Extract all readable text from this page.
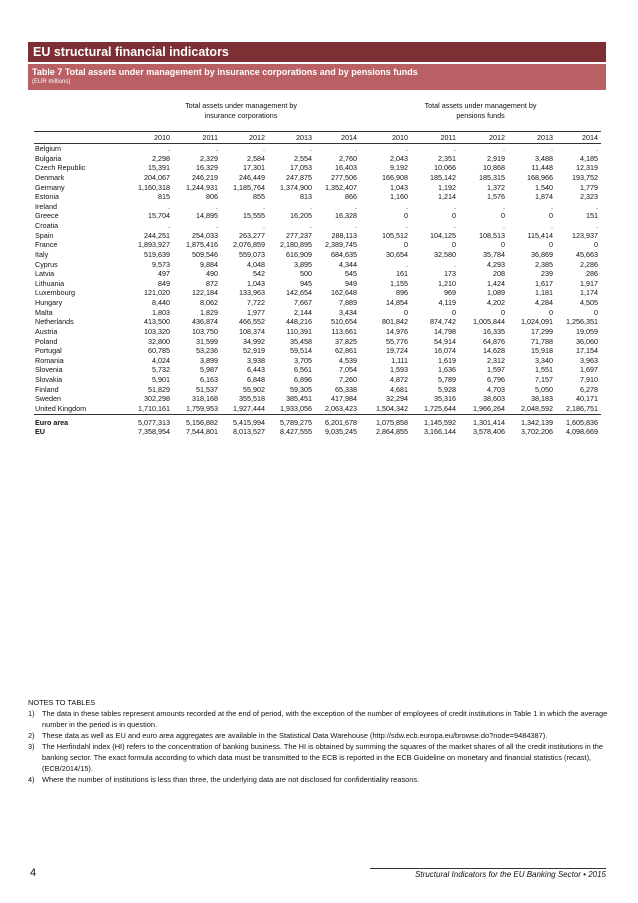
EU structural financial indicators
Table 7 Total assets under management by insurance corporations and by pensions funds
(EUR millions)
	Total assets under management by insurance corporations					Total assets under management by pensions funds				
	2010	2011	2012	2013	2014	2010	2011	2012	2013	2014
Belgium	.	.	.	.	.	.	.	.	.	.
Bulgaria	2,298	2,329	2,584	2,554	2,760	2,043	2,351	2,919	3,488	4,185
Czech Republic	15,391	16,329	17,301	17,053	16,403	9,192	10,066	10,868	11,448	12,319
Denmark	204,067	246,219	246,449	247,875	277,506	166,908	185,142	185,315	168,966	193,752
Germany	1,160,318	1,244,931	1,185,764	1,374,900	1,352,407	1,043	1,192	1,372	1,540	1,779
Estonia	815	806	855	813	866	1,160	1,214	1,576	1,874	2,323
Ireland	.	.	.	.	.	.	.	.	.	.
Greece	15,704	14,895	15,555	16,205	16,328	0	0	0	0	151
Croatia	.	.	.	.	.	.	.	.	.	.
Spain	244,251	254,033	263,277	277,237	288,113	105,512	104,125	108,513	115,414	123,937
France	1,893,927	1,875,416	2,076,859	2,180,895	2,389,745	0	0	0	0	0
Italy	519,639	509,546	559,073	616,909	684,635	30,654	32,580	35,784	36,869	45,663
Cyprus	9,573	9,884	4,048	3,895	4,344	.	.	4,293	2,385	2,286
Latvia	497	490	542	500	545	161	173	208	239	286
Lithuania	849	872	1,043	945	949	1,155	1,210	1,424	1,617	1,917
Luxembourg	121,020	122,184	133,963	142,654	162,648	896	969	1,089	1,181	1,174
Hungary	8,440	8,062	7,722	7,667	7,889	14,854	4,119	4,202	4,284	4,505
Malta	1,803	1,829	1,977	2,144	3,434	0	0	0	0	0
Netherlands	413,500	436,874	466,552	448,216	510,654	801,842	874,742	1,005,844	1,024,091	1,256,351
Austria	103,320	103,750	108,374	110,391	113,661	14,976	14,798	16,335	17,299	19,059
Poland	32,800	31,599	34,992	35,458	37,825	55,776	54,914	64,876	71,788	36,060
Portugal	60,785	53,236	52,919	59,514	62,861	19,724	16,074	14,628	15,918	17,154
Romania	4,024	3,899	3,938	3,705	4,539	1,111	1,619	2,312	3,340	3,963
Slovenia	5,732	5,987	6,443	6,561	7,054	1,593	1,636	1,597	1,551	1,697
Slovakia	5,901	6,163	6,848	6,896	7,260	4,872	5,789	6,796	7,157	7,910
Finland	51,829	51,537	55,902	59,305	65,338	4,681	5,928	4,703	5,050	6,278
Sweden	302,298	318,168	355,518	385,451	417,984	32,294	35,316	38,603	38,183	40,171
United Kingdom	1,710,161	1,759,953	1,927,444	1,933,056	2,063,423	1,504,342	1,725,644	1,966,264	2,048,592	2,186,751

Euro area	5,077,313	5,156,882	5,415,994	5,789,275	6,201,678	1,075,858	1,145,592	1,301,414	1,342,139	1,605,836
EU	7,358,954	7,544,801	8,013,527	8,427,555	9,035,245	2,864,855	3,166,144	3,578,406	3,702,206	4,098,669
NOTES TO TABLES
1)	The data in these tables represent amounts recorded at the end of period, with the exception of the number of employees of credit institutions in Table 1 in which the average number in the period is in question.
2)	These data as well as EU and euro area aggregates are available in the Statistical Data Warehouse (http://sdw.ecb.europa.eu/browse.do?node=9484387).
3)	The Herfindahl index (HI) refers to the concentration of banking business. The HI is obtained by summing the squares of the market shares of all the credit institutions in the banking sector. The exact formula according to which data must be transmitted to the ECB is reported in the ECB Guideline on monetary and financial statistics (recast), (ECB/2014/15).
4)	Where the number of institutions is less than three, the underlying data are not disclosed for confidentiality reasons.
4	Structural Indicators for the EU Banking Sector • 2015
